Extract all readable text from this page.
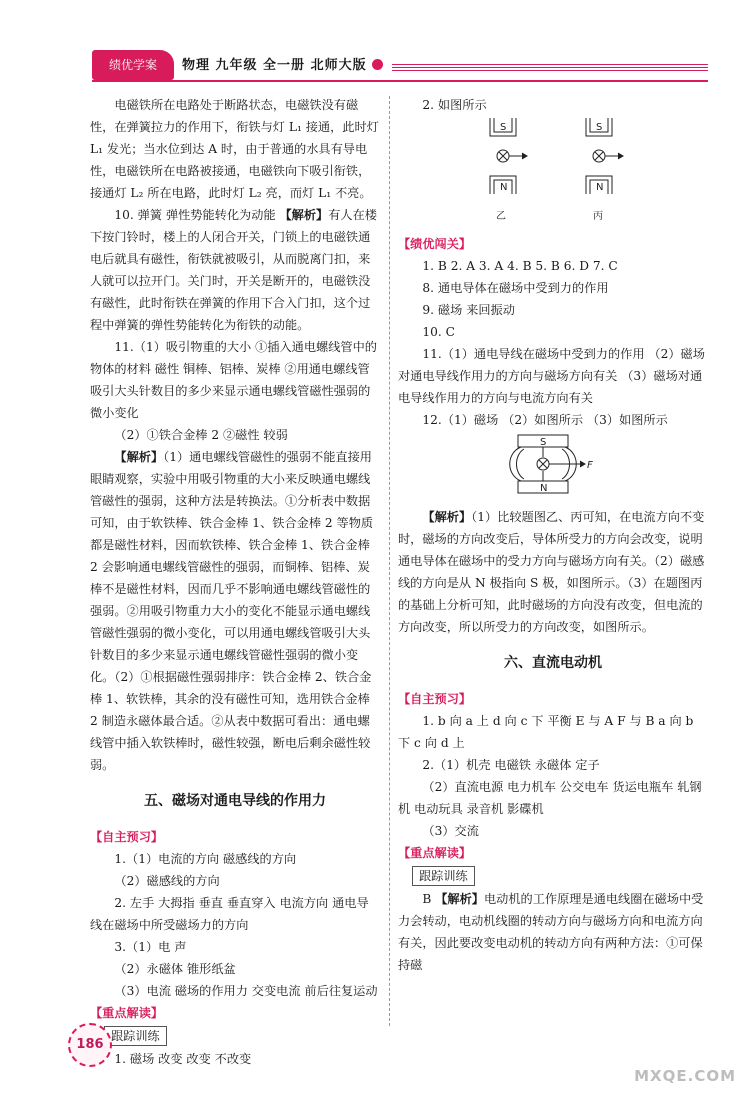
绩优学案	物理 九年级 全一册 北师大版

电磁铁所在电路处于断路状态，电磁铁没有磁性，在弹簧拉力的作用下，衔铁与灯 L₁ 接通，此时灯 L₁ 发光；当水位到达 A 时，由于普通的水具有导电性，电磁铁所在电路被接通，电磁铁向下吸引衔铁，接通灯 L₂ 所在电路，此时灯 L₂ 亮，而灯 L₁ 不亮。

10. 弹簧 弹性势能转化为动能 【解析】有人在楼下按门铃时，楼上的人闭合开关，门锁上的电磁铁通电后就具有磁性，衔铁就被吸引，从而脱离门扣，来人就可以拉开门。关门时，开关是断开的，电磁铁没有磁性，此时衔铁在弹簧的作用下合入门扣，这个过程中弹簧的弹性势能转化为衔铁的动能。

11.（1）吸引物重的大小 ①插入通电螺线管中的物体的材料 磁性 铜棒、铝棒、炭棒 ②用通电螺线管吸引大头针数目的多少来显示通电螺线管磁性强弱的微小变化

（2）①铁合金棒 2 ②磁性 较弱

【解析】（1）通电螺线管磁性的强弱不能直接用眼睛观察，实验中用吸引物重的大小来反映通电螺线管磁性的强弱，这种方法是转换法。①分析表中数据可知，由于软铁棒、铁合金棒 1、铁合金棒 2 等物质都是磁性材料，因而软铁棒、铁合金棒 1、铁合金棒 2 会影响通电螺线管磁性的强弱，而铜棒、铝棒、炭棒不是磁性材料，因而几乎不影响通电螺线管磁性的强弱。②用吸引物重力大小的变化不能显示通电螺线管磁性强弱的微小变化，可以用通电螺线管吸引大头针数目的多少来显示通电螺线管磁性强弱的微小变化。（2）①根据磁性强弱排序：铁合金棒 2、铁合金棒 1、软铁棒，其余的没有磁性可知，选用铁合金棒 2 制造永磁体最合适。②从表中数据可看出：通电螺线管中插入软铁棒时，磁性较强，断电后剩余磁性较弱。

五、磁场对通电导线的作用力

【自主预习】

1.（1）电流的方向 磁感线的方向

（2）磁感线的方向

2. 左手 大拇指 垂直 垂直穿入 电流方向 通电导线在磁场中所受磁场力的方向

3.（1）电 声

（2）永磁体 锥形纸盆

（3）电流 磁场的作用力 交变电流 前后往复运动

【重点解读】

跟踪训练

1. 磁场 改变 改变 不改变

2. 如图所示

S
N
乙
S
N
丙

【绩优闯关】

1. B 2. A 3. A 4. B 5. B 6. D 7. C

8. 通电导体在磁场中受到力的作用

9. 磁场 来回振动

10. C

11.（1）通电导线在磁场中受到力的作用 （2）磁场对通电导线作用力的方向与磁场方向有关 （3）磁场对通电导线作用力的方向与电流方向有关

12.（1）磁场 （2）如图所示 （3）如图所示

S
N
F

【解析】（1）比较题图乙、丙可知，在电流方向不变时，磁场的方向改变后，导体所受力的方向会改变，说明通电导体在磁场中的受力方向与磁场方向有关。（2）磁感线的方向是从 N 极指向 S 极，如图所示。（3）在题图丙的基础上分析可知，此时磁场的方向没有改变，但电流的方向改变，所以所受力的方向改变，如图所示。

六、直流电动机

【自主预习】

1. b 向 a 上 d 向 c 下 平衡 E 与 A F 与 B a 向 b 下 c 向 d 上

2.（1）机壳 电磁铁 永磁体 定子

（2）直流电源 电力机车 公交电车 货运电瓶车 轧钢机 电动玩具 录音机 影碟机

（3）交流

【重点解读】

跟踪训练

B 【解析】电动机的工作原理是通电线圈在磁场中受力会转动，电动机线圈的转动方向与磁场方向和电流方向有关，因此要改变电动机的转动方向有两种方法：①可保持磁

186
MXQE.COM
